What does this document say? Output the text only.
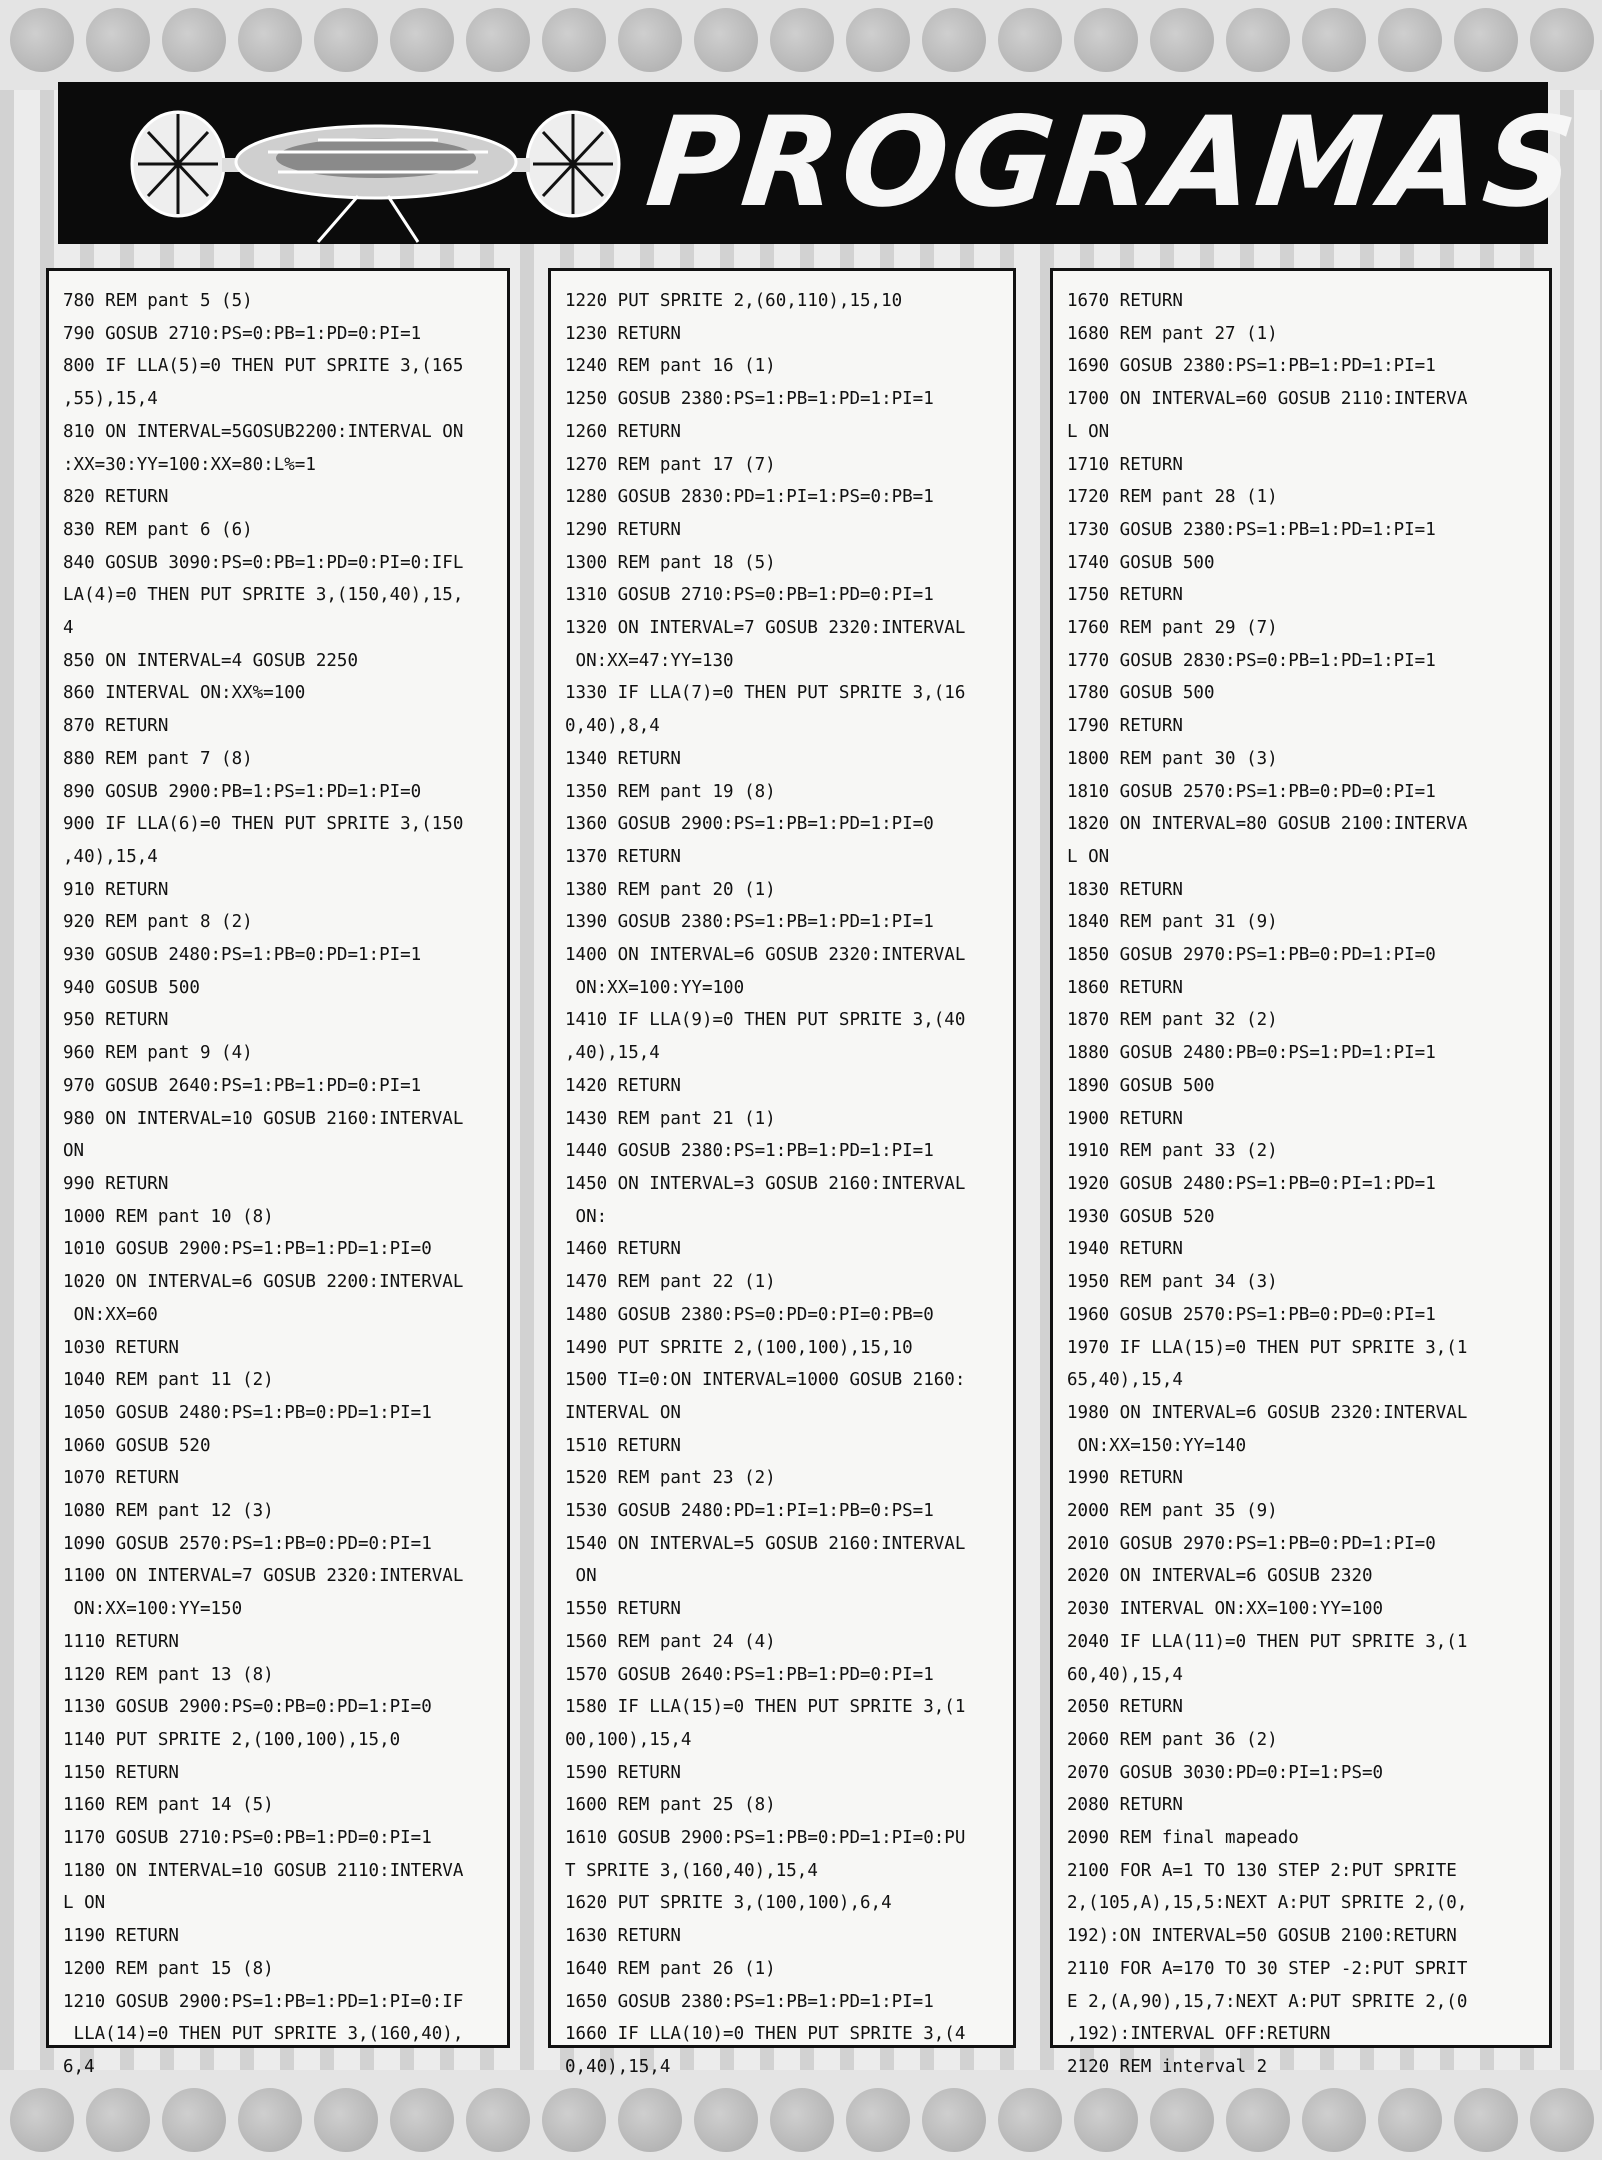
PROGRAMAS
780 REM pant 5 (5)
790 GOSUB 2710:PS=0:PB=1:PD=0:PI=1
800 IF LLA(5)=0 THEN PUT SPRITE 3,(165
,55),15,4
810 ON INTERVAL=5GOSUB2200:INTERVAL ON
:XX=30:YY=100:XX=80:L%=1
820 RETURN
830 REM pant 6 (6)
840 GOSUB 3090:PS=0:PB=1:PD=0:PI=0:IFL
LA(4)=0 THEN PUT SPRITE 3,(150,40),15,
4
850 ON INTERVAL=4 GOSUB 2250
860 INTERVAL ON:XX%=100
870 RETURN
880 REM pant 7 (8)
890 GOSUB 2900:PB=1:PS=1:PD=1:PI=0
900 IF LLA(6)=0 THEN PUT SPRITE 3,(150
,40),15,4
910 RETURN
920 REM pant 8 (2)
930 GOSUB 2480:PS=1:PB=0:PD=1:PI=1
940 GOSUB 500
950 RETURN
960 REM pant 9 (4)
970 GOSUB 2640:PS=1:PB=1:PD=0:PI=1
980 ON INTERVAL=10 GOSUB 2160:INTERVAL
ON
990 RETURN
1000 REM pant 10 (8)
1010 GOSUB 2900:PS=1:PB=1:PD=1:PI=0
1020 ON INTERVAL=6 GOSUB 2200:INTERVAL
ON:XX=60
1030 RETURN
1040 REM pant 11 (2)
1050 GOSUB 2480:PS=1:PB=0:PD=1:PI=1
1060 GOSUB 520
1070 RETURN
1080 REM pant 12 (3)
1090 GOSUB 2570:PS=1:PB=0:PD=0:PI=1
1100 ON INTERVAL=7 GOSUB 2320:INTERVAL
ON:XX=100:YY=150
1110 RETURN
1120 REM pant 13 (8)
1130 GOSUB 2900:PS=0:PB=0:PD=1:PI=0
1140 PUT SPRITE 2,(100,100),15,0
1150 RETURN
1160 REM pant 14 (5)
1170 GOSUB 2710:PS=0:PB=1:PD=0:PI=1
1180 ON INTERVAL=10 GOSUB 2110:INTERVA
L ON
1190 RETURN
1200 REM pant 15 (8)
1210 GOSUB 2900:PS=1:PB=1:PD=1:PI=0:IF
LLA(14)=0 THEN PUT SPRITE 3,(160,40),
6,4
1220 PUT SPRITE 2,(60,110),15,10
1230 RETURN
1240 REM pant 16 (1)
1250 GOSUB 2380:PS=1:PB=1:PD=1:PI=1
1260 RETURN
1270 REM pant 17 (7)
1280 GOSUB 2830:PD=1:PI=1:PS=0:PB=1
1290 RETURN
1300 REM pant 18 (5)
1310 GOSUB 2710:PS=0:PB=1:PD=0:PI=1
1320 ON INTERVAL=7 GOSUB 2320:INTERVAL
ON:XX=47:YY=130
1330 IF LLA(7)=0 THEN PUT SPRITE 3,(16
0,40),8,4
1340 RETURN
1350 REM pant 19 (8)
1360 GOSUB 2900:PS=1:PB=1:PD=1:PI=0
1370 RETURN
1380 REM pant 20 (1)
1390 GOSUB 2380:PS=1:PB=1:PD=1:PI=1
1400 ON INTERVAL=6 GOSUB 2320:INTERVAL
ON:XX=100:YY=100
1410 IF LLA(9)=0 THEN PUT SPRITE 3,(40
,40),15,4
1420 RETURN
1430 REM pant 21 (1)
1440 GOSUB 2380:PS=1:PB=1:PD=1:PI=1
1450 ON INTERVAL=3 GOSUB 2160:INTERVAL
ON:
1460 RETURN
1470 REM pant 22 (1)
1480 GOSUB 2380:PS=0:PD=0:PI=0:PB=0
1490 PUT SPRITE 2,(100,100),15,10
1500 TI=0:ON INTERVAL=1000 GOSUB 2160:
INTERVAL ON
1510 RETURN
1520 REM pant 23 (2)
1530 GOSUB 2480:PD=1:PI=1:PB=0:PS=1
1540 ON INTERVAL=5 GOSUB 2160:INTERVAL
ON
1550 RETURN
1560 REM pant 24 (4)
1570 GOSUB 2640:PS=1:PB=1:PD=0:PI=1
1580 IF LLA(15)=0 THEN PUT SPRITE 3,(1
00,100),15,4
1590 RETURN
1600 REM pant 25 (8)
1610 GOSUB 2900:PS=1:PB=0:PD=1:PI=0:PU
T SPRITE 3,(160,40),15,4
1620 PUT SPRITE 3,(100,100),6,4
1630 RETURN
1640 REM pant 26 (1)
1650 GOSUB 2380:PS=1:PB=1:PD=1:PI=1
1660 IF LLA(10)=0 THEN PUT SPRITE 3,(4
0,40),15,4
1670 RETURN
1680 REM pant 27 (1)
1690 GOSUB 2380:PS=1:PB=1:PD=1:PI=1
1700 ON INTERVAL=60 GOSUB 2110:INTERVA
L ON
1710 RETURN
1720 REM pant 28 (1)
1730 GOSUB 2380:PS=1:PB=1:PD=1:PI=1
1740 GOSUB 500
1750 RETURN
1760 REM pant 29 (7)
1770 GOSUB 2830:PS=0:PB=1:PD=1:PI=1
1780 GOSUB 500
1790 RETURN
1800 REM pant 30 (3)
1810 GOSUB 2570:PS=1:PB=0:PD=0:PI=1
1820 ON INTERVAL=80 GOSUB 2100:INTERVA
L ON
1830 RETURN
1840 REM pant 31 (9)
1850 GOSUB 2970:PS=1:PB=0:PD=1:PI=0
1860 RETURN
1870 REM pant 32 (2)
1880 GOSUB 2480:PB=0:PS=1:PD=1:PI=1
1890 GOSUB 500
1900 RETURN
1910 REM pant 33 (2)
1920 GOSUB 2480:PS=1:PB=0:PI=1:PD=1
1930 GOSUB 520
1940 RETURN
1950 REM pant 34 (3)
1960 GOSUB 2570:PS=1:PB=0:PD=0:PI=1
1970 IF LLA(15)=0 THEN PUT SPRITE 3,(1
65,40),15,4
1980 ON INTERVAL=6 GOSUB 2320:INTERVAL
ON:XX=150:YY=140
1990 RETURN
2000 REM pant 35 (9)
2010 GOSUB 2970:PS=1:PB=0:PD=1:PI=0
2020 ON INTERVAL=6 GOSUB 2320
2030 INTERVAL ON:XX=100:YY=100
2040 IF LLA(11)=0 THEN PUT SPRITE 3,(1
60,40),15,4
2050 RETURN
2060 REM pant 36 (2)
2070 GOSUB 3030:PD=0:PI=1:PS=0
2080 RETURN
2090 REM final mapeado
2100 FOR A=1 TO 130 STEP 2:PUT SPRITE
2,(105,A),15,5:NEXT A:PUT SPRITE 2,(0,
192):ON INTERVAL=50 GOSUB 2100:RETURN
2110 FOR A=170 TO 30 STEP -2:PUT SPRIT
E 2,(A,90),15,7:NEXT A:PUT SPRITE 2,(0
,192):INTERVAL OFF:RETURN
2120 REM interval 2
